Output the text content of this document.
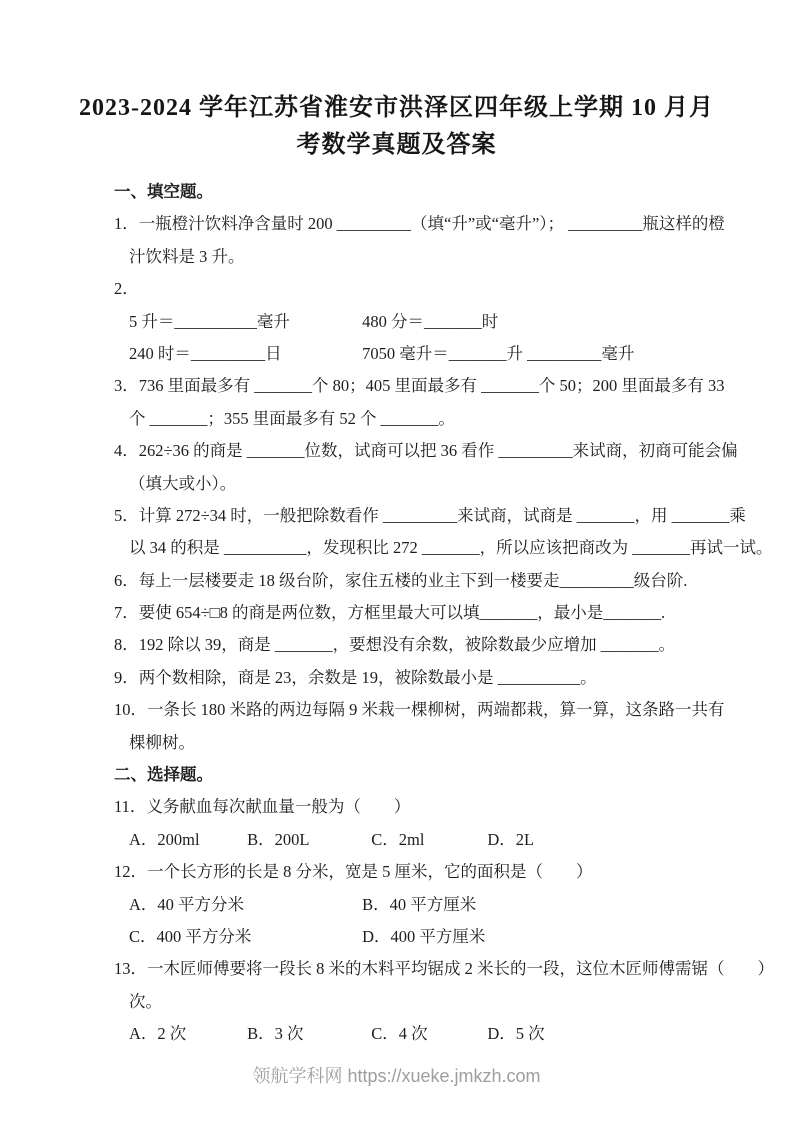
2023-2024 学年江苏省淮安市洪泽区四年级上学期 10 月月
考数学真题及答案
一、填空题。
1．一瓶橙汁饮料净含量时 200 _________（填“升”或“毫升”）； _________瓶这样的橙
汁饮料是 3 升。
2．
5 升＝__________毫升	480 分＝_______时
240 时＝_________日	7050 毫升＝_______升 _________毫升
3．736 里面最多有 _______个 80；405 里面最多有 _______个 50；200 里面最多有 33
个 _______；355 里面最多有 52 个 _______。
4．262÷36 的商是 _______位数，试商可以把 36 看作 _________来试商，初商可能会偏
（填大或小）。
5．计算 272÷34 时，一般把除数看作 _________来试商，试商是 _______，用 _______乘
以 34 的积是 __________，发现积比 272 _______，所以应该把商改为 _______再试一试。
6．每上一层楼要走 18 级台阶，家住五楼的业主下到一楼要走_________级台阶.
7．要使 654÷□8 的商是两位数，方框里最大可以填_______，最小是_______.
8．192 除以 39，商是 _______，要想没有余数，被除数最少应增加 _______。
9．两个数相除，商是 23，余数是 19，被除数最小是 __________。
10．一条长 180 米路的两边每隔 9 米栽一棵柳树，两端都栽，算一算，这条路一共有
棵柳树。
二、选择题。
11．义务献血每次献血量一般为（　　）
A．200ml	B．200L	C．2ml	D．2L
12．一个长方形的长是 8 分米，宽是 5 厘米，它的面积是（　　）
A．40 平方分米	B．40 平方厘米
C．400 平方分米	D．400 平方厘米
13．一木匠师傅要将一段长 8 米的木料平均锯成 2 米长的一段，这位木匠师傅需锯（　　）
次。
A．2 次	B．3 次	C．4 次	D．5 次
领航学科网 https://xueke.jmkzh.com
